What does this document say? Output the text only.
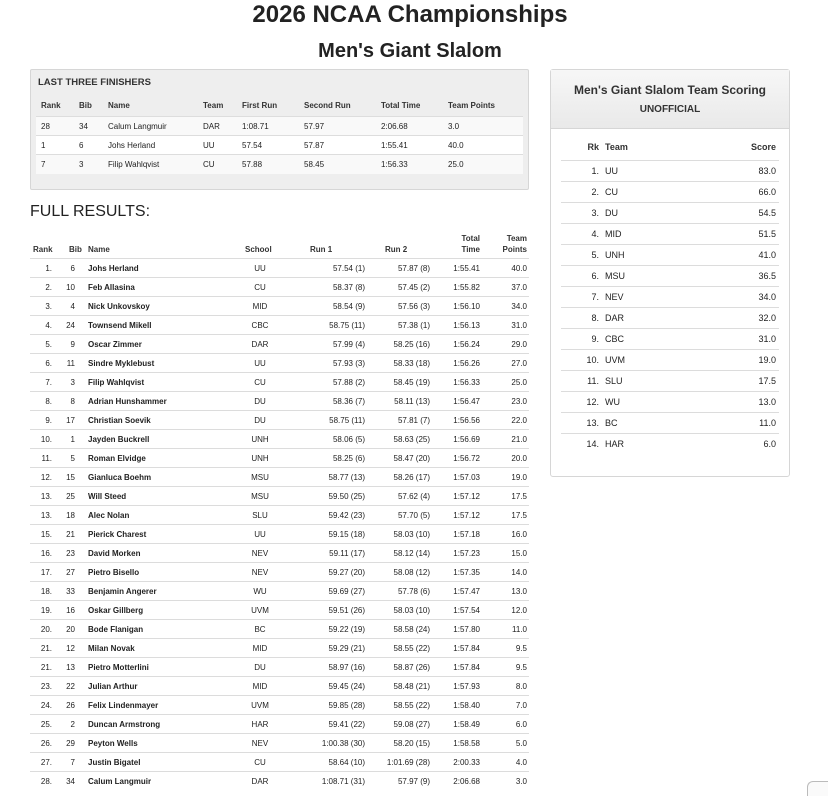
2026 NCAA Championships
Men's Giant Slalom
LAST THREE FINISHERS
Rank Bib Name	Team First Run	Second Run	Total Time	Team Points
28	34	Calum Langmuir	DAR	1:08.71	57.97	2:06.68	3.0
1	6	Johs Herland	UU	57.54	57.87	1:55.41	40.0
7	3	Filip Wahlqvist	CU	57.88	58.45	1:56.33	25.0
FULL RESULTS:
Rank Bib Name	School	Run 1	Run 2
Total
Time
Team
Points
1.	6 Johs Herland	UU	57.54 (1)	57.87 (8)	1:55.41	40.0
2.	10 Feb Allasina	CU	58.37 (8)	57.45 (2)	1:55.82	37.0
3.	4 Nick Unkovskoy	MID	58.54 (9)	57.56 (3)	1:56.10	34.0
4.	24 Townsend Mikell	CBC	58.75 (11)	57.38 (1)	1:56.13	31.0
5.	9 Oscar Zimmer	DAR	57.99 (4)	58.25 (16)	1:56.24	29.0
6.	11 Sindre Myklebust	UU	57.93 (3)	58.33 (18)	1:56.26	27.0
7.	3 Filip Wahlqvist	CU	57.88 (2)	58.45 (19)	1:56.33	25.0
8.	8 Adrian Hunshammer	DU	58.36 (7)	58.11 (13)	1:56.47	23.0
9.	17 Christian Soevik	DU	58.75 (11)	57.81 (7)	1:56.56	22.0
10.	1 Jayden Buckrell	UNH	58.06 (5)	58.63 (25)	1:56.69	21.0
11.	5 Roman Elvidge	UNH	58.25 (6)	58.47 (20)	1:56.72	20.0
12.	15 Gianluca Boehm	MSU	58.77 (13)	58.26 (17)	1:57.03	19.0
13.	25 Will Steed	MSU	59.50 (25)	57.62 (4)	1:57.12	17.5
13.	18 Alec Nolan	SLU	59.42 (23)	57.70 (5)	1:57.12	17.5
15.	21 Pierick Charest	UU	59.15 (18)	58.03 (10)	1:57.18	16.0
16.	23 David Morken	NEV	59.11 (17)	58.12 (14)	1:57.23	15.0
17.	27 Pietro Bisello	NEV	59.27 (20)	58.08 (12)	1:57.35	14.0
18.	33 Benjamin Angerer	WU	59.69 (27)	57.78 (6)	1:57.47	13.0
19.	16 Oskar Gillberg	UVM	59.51 (26)	58.03 (10)	1:57.54	12.0
20.	20 Bode Flanigan	BC	59.22 (19)	58.58 (24)	1:57.80	11.0
21.	12 Milan Novak	MID	59.29 (21)	58.55 (22)	1:57.84	9.5
21.	13 Pietro Motterlini	DU	58.97 (16)	58.87 (26)	1:57.84	9.5
23.	22 Julian Arthur	MID	59.45 (24)	58.48 (21)	1:57.93	8.0
24.	26 Felix Lindenmayer	UVM	59.85 (28)	58.55 (22)	1:58.40	7.0
25.	2 Duncan Armstrong	HAR	59.41 (22)	59.08 (27)	1:58.49	6.0
26.	29 Peyton Wells	NEV	1:00.38 (30)	58.20 (15)	1:58.58	5.0
27.	7 Justin Bigatel	CU	58.64 (10)	1:01.69 (28)	2:00.33	4.0
28.	34 Calum Langmuir	DAR	1:08.71 (31)	57.97 (9)	2:06.68	3.0
Men's Giant Slalom Team Scoring
UNOFFICIAL
Rk Team	Score
1. UU	83.0
2. CU	66.0
3. DU	54.5
4. MID	51.5
5. UNH	41.0
6. MSU	36.5
7. NEV	34.0
8. DAR	32.0
9. CBC	31.0
10. UVM	19.0
11. SLU	17.5
12. WU	13.0
13. BC	11.0
14. HAR	6.0
